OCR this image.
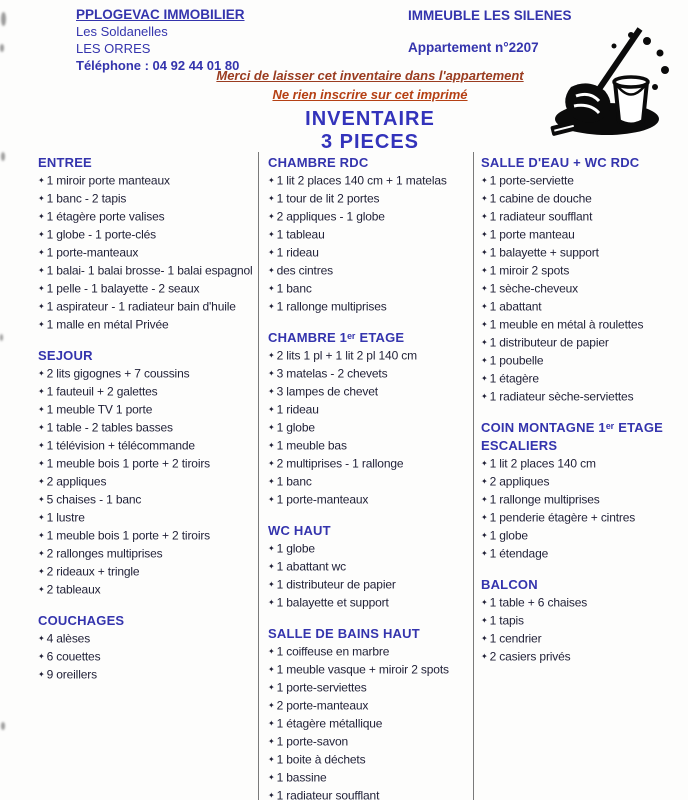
PPLOGEVAC IMMOBILIER
Les Soldanelles
LES ORRES
Téléphone : 04 92 44 01 80
IMMEUBLE LES SILENES
Appartement n°2207
Merci de laisser cet inventaire dans l'appartement
Ne rien inscrire sur cet imprimé
INVENTAIRE
3 PIECES
ENTREE
✦ 1 miroir porte manteaux
✦ 1 banc - 2 tapis
✦ 1 étagère porte valises
✦ 1 globe - 1 porte-clés
✦ 1 porte-manteaux
✦ 1 balai- 1 balai brosse- 1 balai espagnol
✦ 1 pelle - 1 balayette - 2 seaux
✦ 1 aspirateur - 1 radiateur bain d'huile
✦ 1 malle en métal Privée
SEJOUR
✦ 2 lits gigognes + 7 coussins
✦ 1 fauteuil + 2 galettes
✦ 1 meuble TV 1 porte
✦ 1 table - 2 tables basses
✦ 1 télévision + télécommande
✦ 1 meuble bois 1 porte + 2 tiroirs
✦ 2 appliques
✦ 5 chaises - 1 banc
✦ 1 lustre
✦ 1 meuble bois 1 porte + 2 tiroirs
✦ 2 rallonges multiprises
✦ 2 rideaux + tringle
✦ 2 tableaux
COUCHAGES
✦ 4 alèses
✦ 6 couettes
✦ 9 oreillers
CHAMBRE RDC
✦ 1 lit 2 places 140 cm + 1 matelas
✦ 1 tour de lit 2 portes
✦ 2 appliques - 1 globe
✦ 1 tableau
✦ 1 rideau
✦ des cintres
✦ 1 banc
✦ 1 rallonge multiprises
CHAMBRE 1ᵉʳ ETAGE
✦ 2 lits 1 pl + 1 lit 2 pl 140 cm
✦ 3 matelas - 2 chevets
✦ 3 lampes de chevet
✦ 1 rideau
✦ 1 globe
✦ 1 meuble bas
✦ 2 multiprises - 1 rallonge
✦ 1 banc
✦ 1 porte-manteaux
WC HAUT
✦ 1 globe
✦ 1 abattant wc
✦ 1 distributeur de papier
✦ 1 balayette et support
SALLE DE BAINS HAUT
✦ 1 coiffeuse en marbre
✦ 1 meuble vasque + miroir 2 spots
✦ 1 porte-serviettes
✦ 2 porte-manteaux
✦ 1 étagère métallique
✦ 1 porte-savon
✦ 1 boite à déchets
✦ 1 bassine
✦ 1 radiateur soufflant
SALLE D'EAU + WC RDC
✦ 1 porte-serviette
✦ 1 cabine de douche
✦ 1 radiateur soufflant
✦ 1 porte manteau
✦ 1 balayette + support
✦ 1 miroir 2 spots
✦ 1 sèche-cheveux
✦ 1 abattant
✦ 1 meuble en métal à roulettes
✦ 1 distributeur de papier
✦ 1 poubelle
✦ 1 étagère
✦ 1 radiateur sèche-serviettes
COIN MONTAGNE 1ᵉʳ ETAGE ESCALIERS
✦ 1 lit 2 places 140 cm
✦ 2 appliques
✦ 1 rallonge multiprises
✦ 1 penderie étagère + cintres
✦ 1 globe
✦ 1 étendage
BALCON
✦ 1 table + 6 chaises
✦ 1 tapis
✦ 1 cendrier
✦ 2 casiers privés
